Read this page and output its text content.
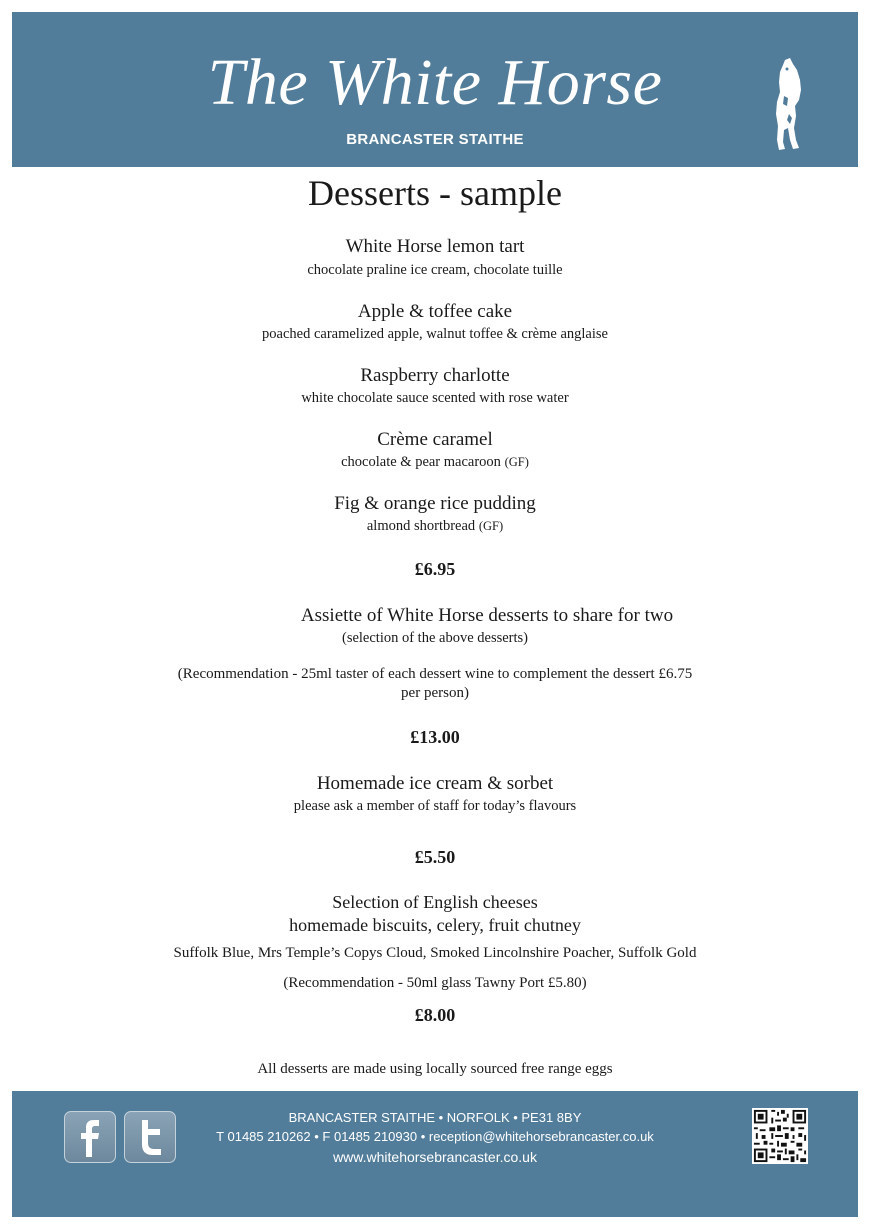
The White Horse
BRANCASTER STAITHE
Desserts - sample
White Horse lemon tart
chocolate praline ice cream, chocolate tuille
Apple & toffee cake
poached caramelized apple, walnut toffee & crème anglaise
Raspberry charlotte
white chocolate sauce scented with rose water
Crème caramel
chocolate & pear macaroon (GF)
Fig & orange rice pudding
almond shortbread (GF)
£6.95
Assiette of White Horse desserts to share for two
(selection of the above desserts)
(Recommendation - 25ml taster of each dessert wine to complement the dessert £6.75
per person)
£13.00
Homemade ice cream & sorbet
please ask a member of staff for today’s flavours
£5.50
Selection of English cheeses
homemade biscuits, celery, fruit chutney
Suffolk Blue, Mrs Temple’s Copys Cloud, Smoked Lincolnshire Poacher, Suffolk Gold
(Recommendation - 50ml glass Tawny Port £5.80)
£8.00
All desserts are made using locally sourced free range eggs
BRANCASTER STAITHE • NORFOLK • PE31 8BY
T 01485 210262 • F 01485 210930 • reception@whitehorsebrancaster.co.uk
www.whitehorsebrancaster.co.uk
